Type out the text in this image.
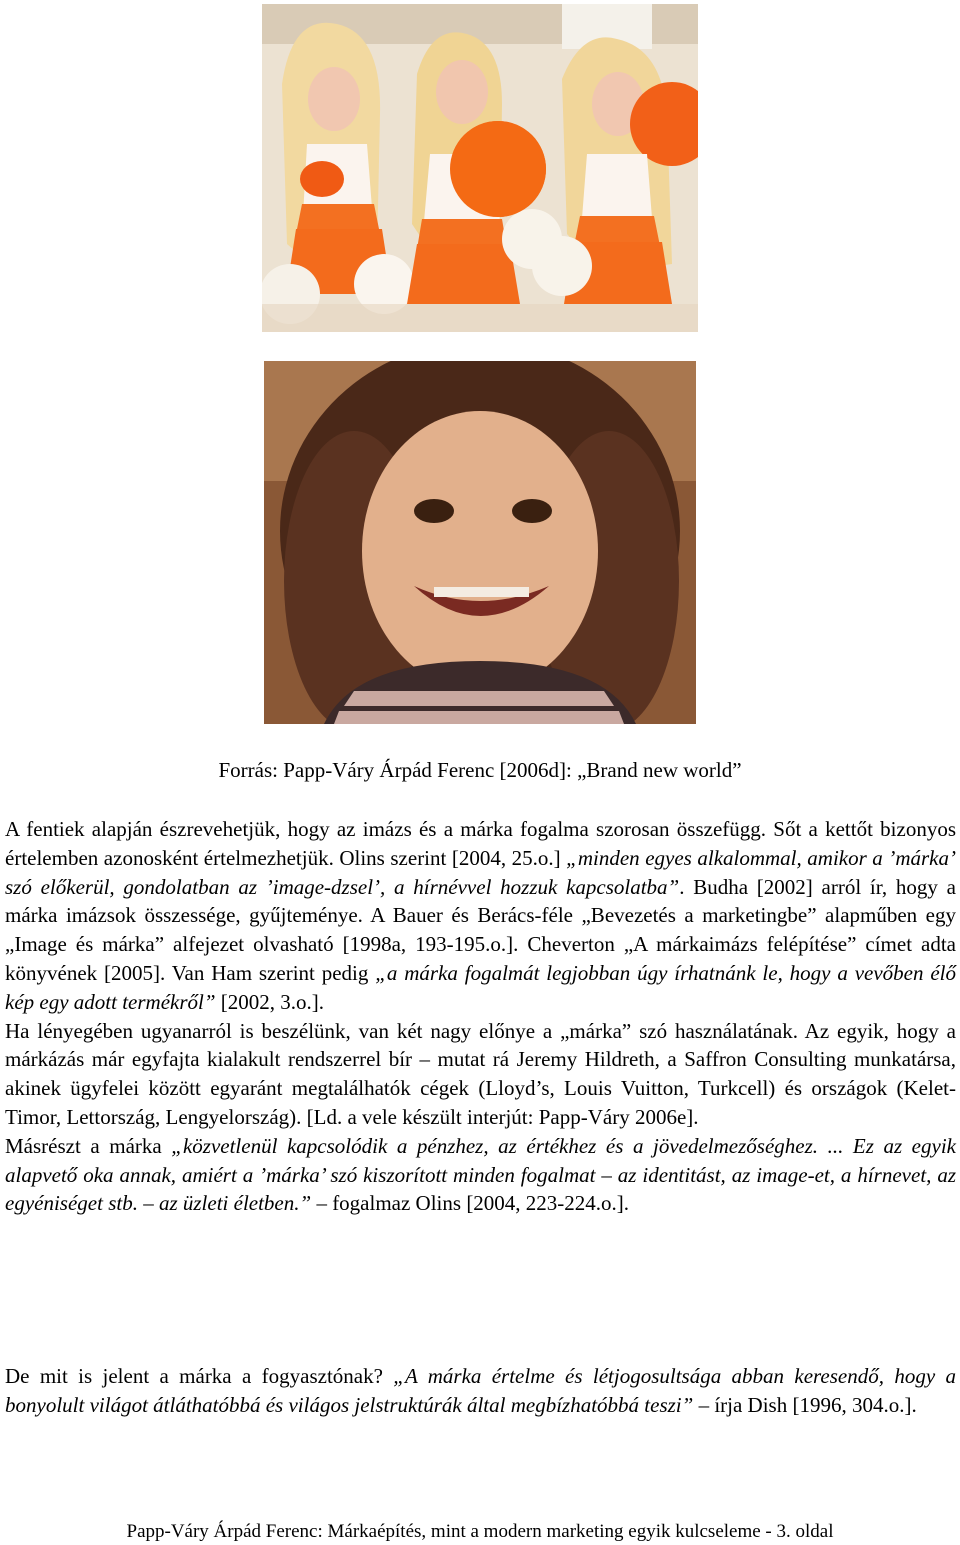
Forrás: Papp-Váry Árpád Ferenc [2006d]: „Brand new world”

A fentiek alapján észrevehetjük, hogy az imázs és a márka fogalma szorosan összefügg. Sőt a kettőt bizonyos értelemben azonosként értelmezhetjük. Olins szerint [2004, 25.o.] „minden egyes alkalommal, amikor a ’márka’ szó előkerül, gondolatban az ’image-dzsel’, a hírnévvel hozzuk kapcsolatba”. Budha [2002] arról ír, hogy a márka imázsok összessége, gyűjteménye. A Bauer és Berács-féle „Bevezetés a marketingbe” alapműben egy „Image és márka” alfejezet olvasható [1998a, 193-195.o.]. Cheverton „A márkaimázs felépítése” címet adta könyvének [2005]. Van Ham szerint pedig „a márka fogalmát legjobban úgy írhatnánk le, hogy a vevőben élő kép egy adott termékről” [2002, 3.o.].

Ha lényegében ugyanarról is beszélünk, van két nagy előnye a „márka” szó használatának. Az egyik, hogy a márkázás már egyfajta kialakult rendszerrel bír – mutat rá Jeremy Hildreth, a Saffron Consulting munkatársa, akinek ügyfelei között egyaránt megtalálhatók cégek (Lloyd’s, Louis Vuitton, Turkcell) és országok (Kelet-Timor, Lettország, Lengyelország). [Ld. a vele készült interjút: Papp-Váry 2006e].

Másrészt a márka „közvetlenül kapcsolódik a pénzhez, az értékhez és a jövedelmezőséghez. ... Ez az egyik alapvető oka annak, amiért a ’márka’ szó kiszorított minden fogalmat – az identitást, az image-et, a hírnevet, az egyéniséget stb. – az üzleti életben.” – fogalmaz Olins [2004, 223-224.o.].

De mit is jelent a márka a fogyasztónak? „A márka értelme és létjogosultsága abban keresendő, hogy a bonyolult világot átláthatóbbá és világos jelstruktúrák által megbízhatóbbá teszi” – írja Dish [1996, 304.o.].

Papp-Váry Árpád Ferenc: Márkaépítés, mint a modern marketing egyik kulcseleme - 3. oldal
